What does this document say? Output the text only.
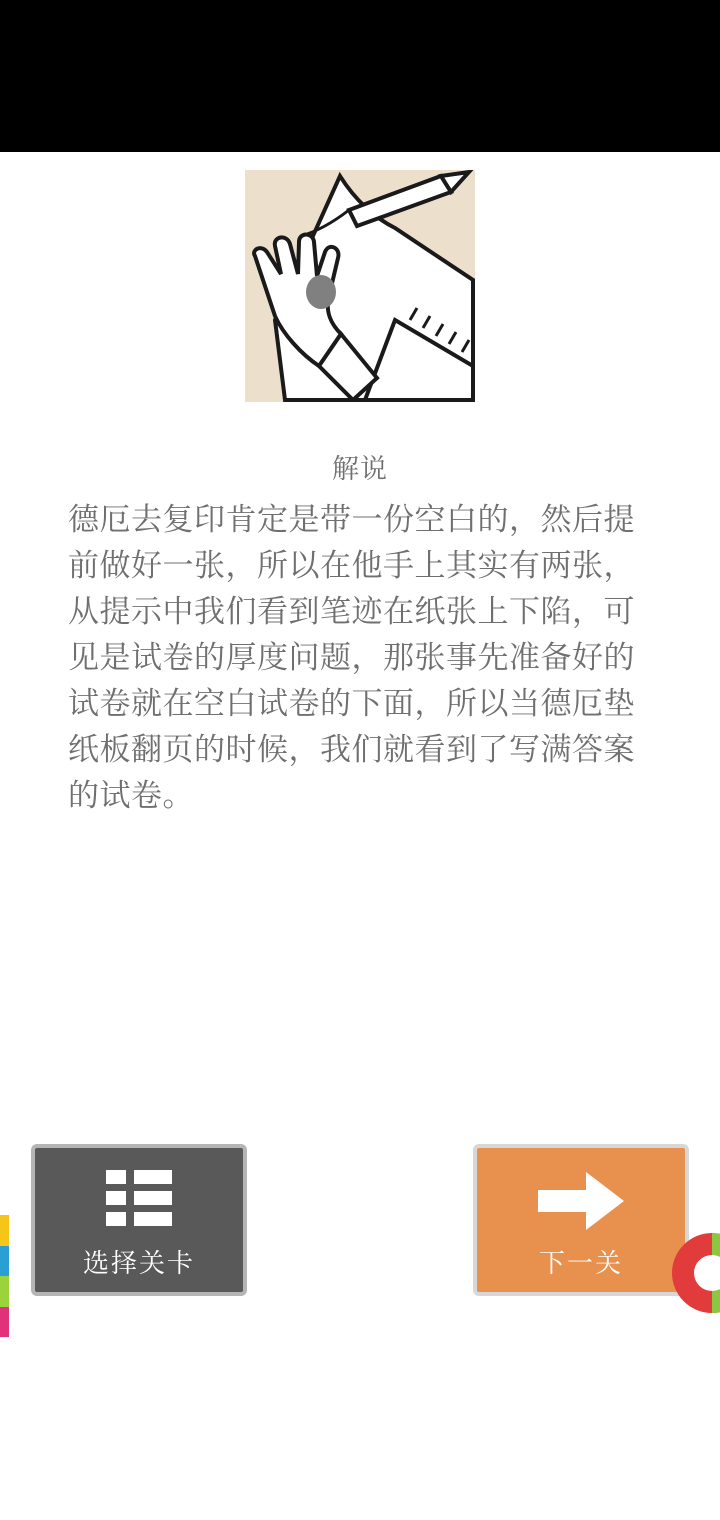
解说
德厄去复印肯定是带一份空白的，然后提前做好一张，所以在他手上其实有两张，从提示中我们看到笔迹在纸张上下陷，可见是试卷的厚度问题，那张事先准备好的试卷就在空白试卷的下面，所以当德厄垫纸板翻页的时候，我们就看到了写满答案的试卷。
选择关卡	下一关
